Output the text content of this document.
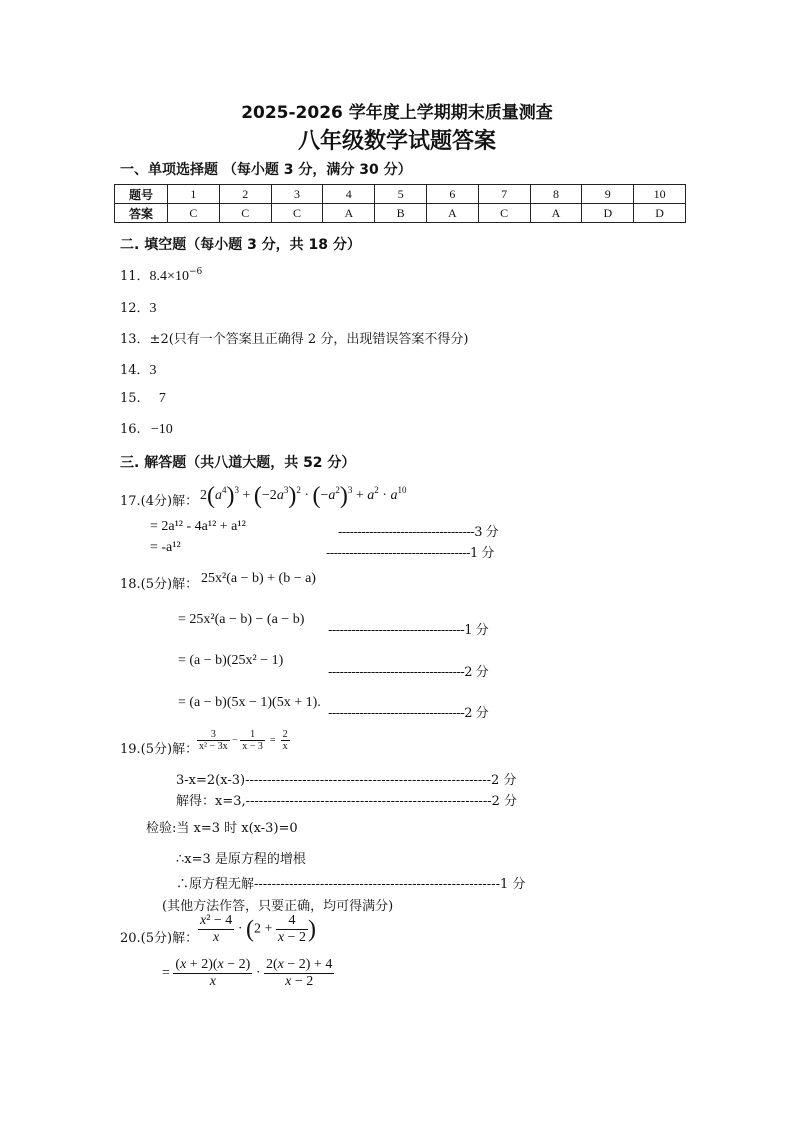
2025-2026 学年度上学期期末质量测查
八年级数学试题答案
一、单项选择题 （每小题 3 分，满分 30 分）
题号	1	2	3	4	5	6	7	8	9	10
答案	C	C	C	A	B	A	C	A	D	D
二. 填空题（每小题 3 分，共 18 分）
11．$8.4\times 10^{-6}$
12．3
13．±2(只有一个答案且正确得 2 分，出现错误答案不得分)
14．3
15. 7
16. −10
三. 解答题（共八道大题，共 52 分）
17.(4分)解： $2(a^4)^3 + (-2a^3)^2 \cdot (-a^2)^3 + a^2 \cdot a^{10}$
= 2a¹² - 4a¹² + a¹²	-----------------------------------3 分
= -a¹²	-------------------------------------1 分
18.(5分)解： 25x²(a − b) + (b − a)
= 25x²(a − b) − (a − b)
-----------------------------------1 分
= (a − b)(25x² − 1)
-----------------------------------2 分
= (a − b)(5x − 1)(5x + 1).
-----------------------------------2 分
19.(5分)解：
$\frac{3}{\text{x² − 3x}} - \frac{1}{x - 3} = \frac{2}{x}$
3-x=2(x-3)--------------------------------------------------------2 分
解得：x=3,--------------------------------------------------------2 分
检验:当 x=3 时 x(x-3)=0
∴x=3 是原方程的增根
∴原方程无解--------------------------------------------------------1 分
(其他方法作答，只要正确，均可得满分)
20.(5分)解： $\frac{\text{x² − 4}}{x} \cdot (2 + \frac{4}{x - 2}$ )
= $\frac{(x + 2)(x - 2)}{x} \cdot \frac{2(x - 2) + 4}{x - 2}$
